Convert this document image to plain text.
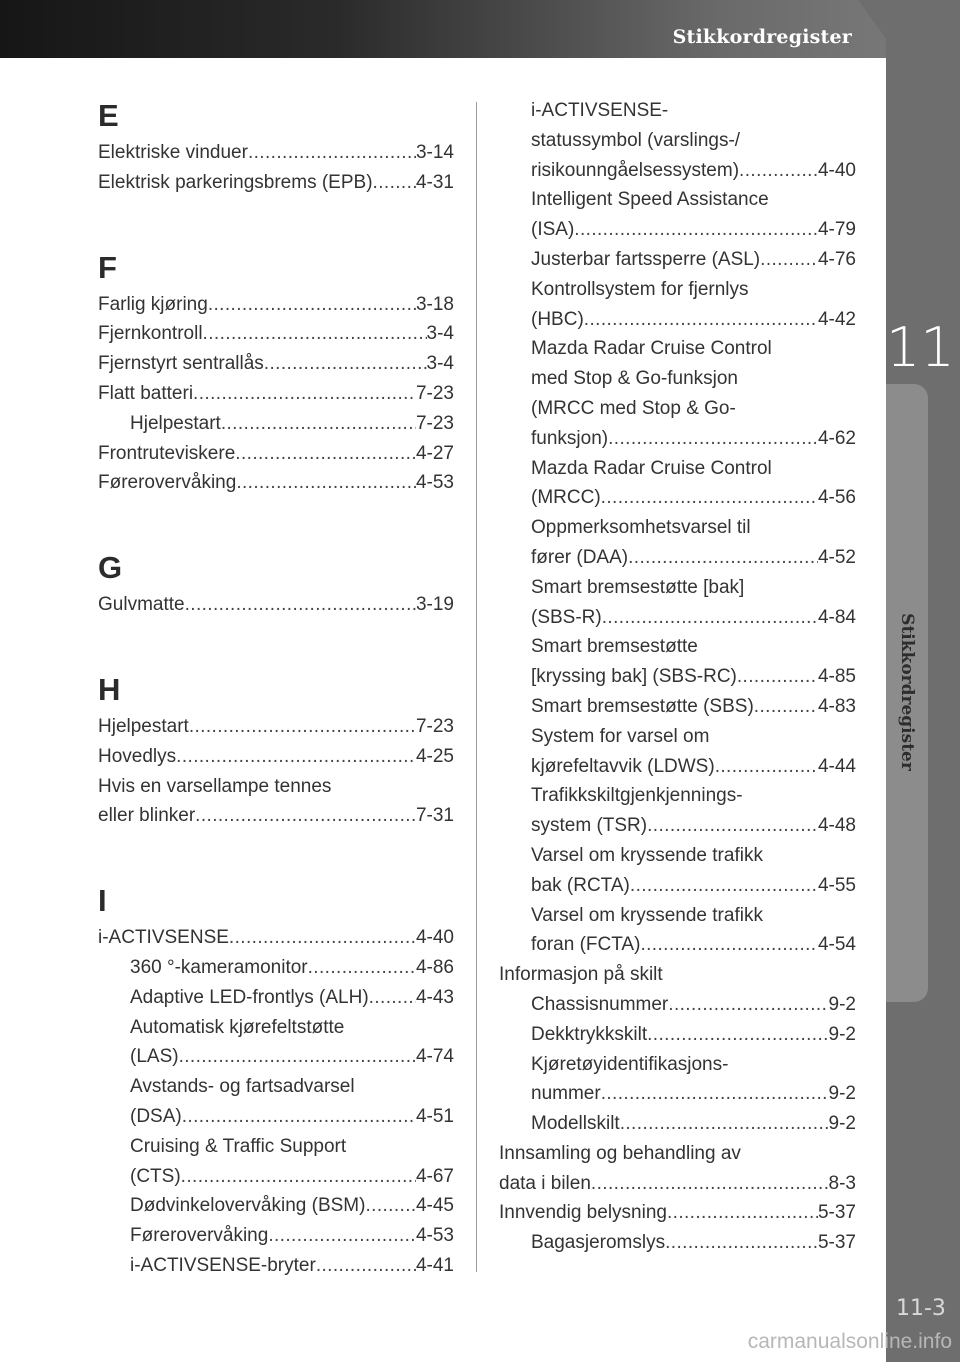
Stikkordregister
11
Stikkordregister
11-3
E
Elektriske vinduer .....	3-14
Elektrisk parkeringsbrems (EPB) ..... 4-31
F
Farlig kjøring .....	3-18
Fjernkontroll .....	3-4
Fjernstyrt sentrallås .....	3-4
Flatt batteri .....	7-23
Hjelpestart .....	7-23
Frontruteviskere .....	4-27
Førerovervåking .....	4-53
G
Gulvmatte .....	3-19
H
Hjelpestart .....	7-23
Hovedlys .....	4-25
Hvis en varsellampe tennes
eller blinker .....	7-31
I
i-ACTIVSENSE .....	4-40
360 °-kameramonitor .....	4-86
Adaptive LED-frontlys (ALH) ..... 4-43
Automatisk kjørefeltstøtte
(LAS) .....	4-74
Avstands- og fartsadvarsel
(DSA) .....	4-51
Cruising & Traffic Support
(CTS) .....	4-67
Dødvinkelovervåking (BSM) .....	4-45
Førerovervåking .....	4-53
i-ACTIVSENSE-bryter .....	4-41
i-ACTIVSENSE-
statussymbol (varslings-/
risikounngåelsessystem) .....	4-40
Intelligent Speed Assistance
(ISA) .....	4-79
Justerbar fartssperre (ASL) .....	4-76
Kontrollsystem for fjernlys
(HBC) .....	4-42
Mazda Radar Cruise Control
med Stop & Go-funksjon
(MRCC med Stop & Go-
funksjon) .....	4-62
Mazda Radar Cruise Control
(MRCC) .....	4-56
Oppmerksomhetsvarsel til
fører (DAA) .....	4-52
Smart bremsestøtte [bak]
(SBS-R) .....	4-84
Smart bremsestøtte
[kryssing bak] (SBS-RC) .....	4-85
Smart bremsestøtte (SBS) .....	4-83
System for varsel om
kjørefeltavvik (LDWS) .....	4-44
Trafikkskiltgjenkjennings-
system (TSR) .....	4-48
Varsel om kryssende trafikk
bak (RCTA) .....	4-55
Varsel om kryssende trafikk
foran (FCTA) .....	4-54
Informasjon på skilt
Chassisnummer .....	9-2
Dekktrykkskilt .....	9-2
Kjøretøyidentifikasjons-
nummer .....	9-2
Modellskilt .....	9-2
Innsamling og behandling av
data i bilen .....	8-3
Innvendig belysning .....	5-37
Bagasjeromslys .....	5-37
carmanualsonline.info
